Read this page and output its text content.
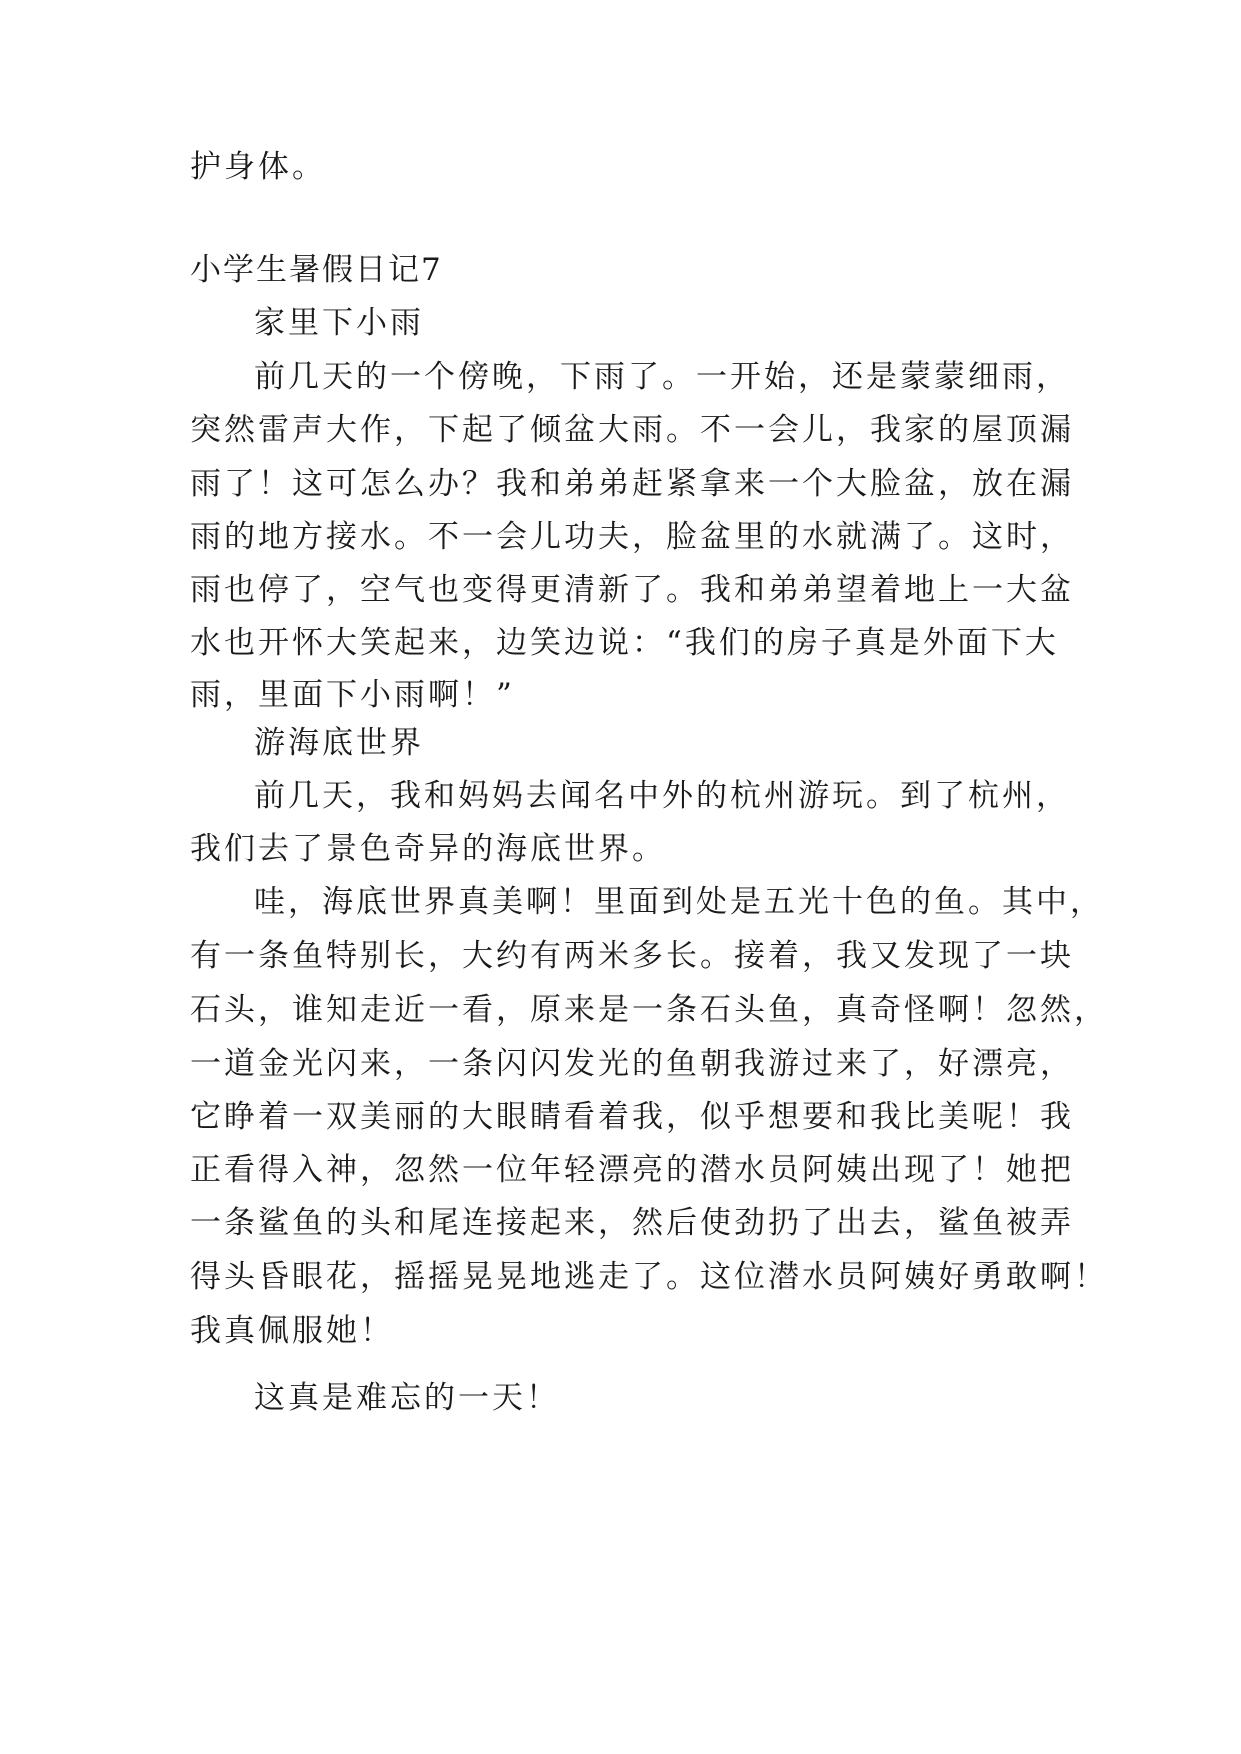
护身体。
小学生暑假日记7
家里下小雨
前几天的一个傍晚，下雨了。一开始，还是蒙蒙细雨，
突然雷声大作，下起了倾盆大雨。不一会儿，我家的屋顶漏
雨了！这可怎么办？我和弟弟赶紧拿来一个大脸盆，放在漏
雨的地方接水。不一会儿功夫，脸盆里的水就满了。这时，
雨也停了，空气也变得更清新了。我和弟弟望着地上一大盆
水也开怀大笑起来，边笑边说：“我们的房子真是外面下大
雨，里面下小雨啊！”
游海底世界
前几天，我和妈妈去闻名中外的杭州游玩。到了杭州，
我们去了景色奇异的海底世界。
哇，海底世界真美啊！里面到处是五光十色的鱼。其中，
有一条鱼特别长，大约有两米多长。接着，我又发现了一块
石头，谁知走近一看，原来是一条石头鱼，真奇怪啊！忽然，
一道金光闪来，一条闪闪发光的鱼朝我游过来了，好漂亮，
它睁着一双美丽的大眼睛看着我，似乎想要和我比美呢！我
正看得入神，忽然一位年轻漂亮的潜水员阿姨出现了！她把
一条鲨鱼的头和尾连接起来，然后使劲扔了出去，鲨鱼被弄
得头昏眼花，摇摇晃晃地逃走了。这位潜水员阿姨好勇敢啊！
我真佩服她！
这真是难忘的一天！
